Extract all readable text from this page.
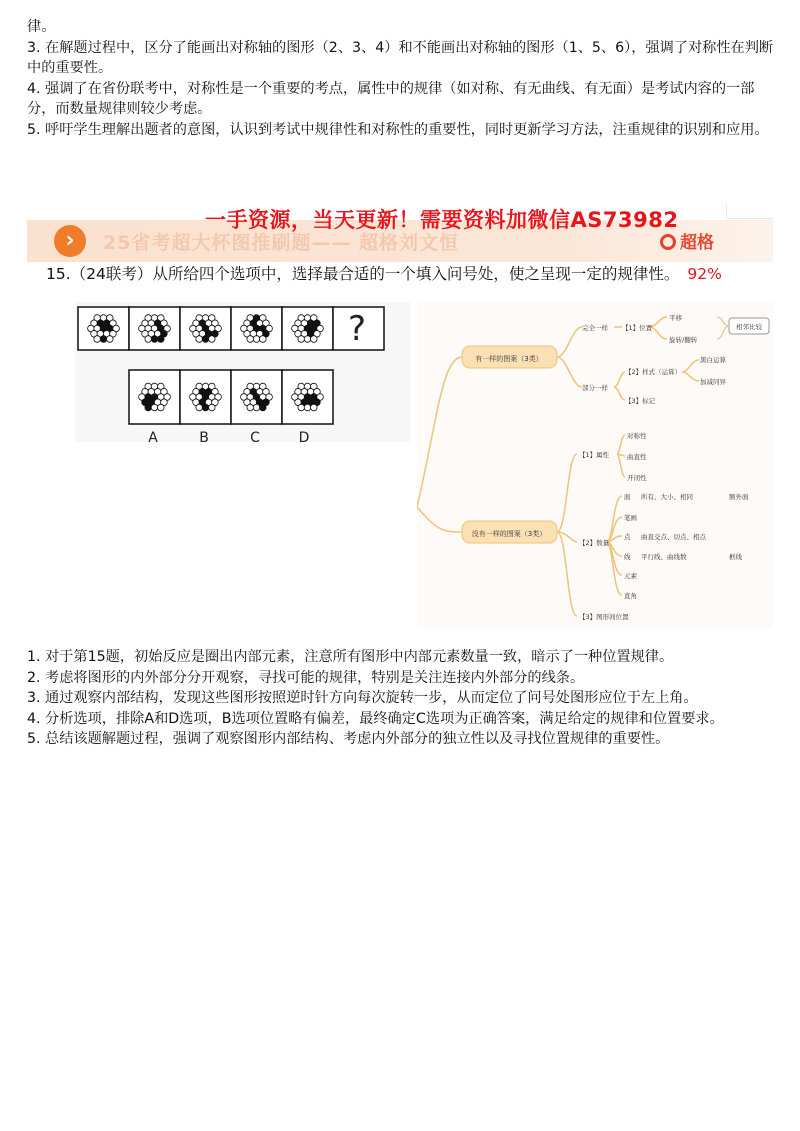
律。

3. 在解题过程中，区分了能画出对称轴的图形（2、3、4）和不能画出对称轴的图形（1、5、6），强调了对称性在判断中的重要性。

4. 强调了在省份联考中，对称性是一个重要的考点，属性中的规律（如对称、有无曲线、有无面）是考试内容的一部分，而数量规律则较少考虑。

5. 呼吁学生理解出题者的意图，认识到考试中规律性和对称性的重要性，同时更新学习方法，注重规律的识别和应用。

›	25省考超大杯图推刷题—— 超格刘文恒
一手资源，当天更新！需要资料加微信AS73982
超格
15.（24联考）从所给四个选项中，选择最合适的一个填入问号处，使之呈现一定的规律性。 92%
?
A	B	C	D
有一样的图案（3类）
没有一样的图案（3类）
完全一样 【1】位置
平移
旋转/翻转
部分一样
【2】样式（运算）
黑白运算
加减同异
【3】标记
【1】属性
对称性
曲直性
开闭性
【2】数量
面 所有、大小、相同	额外面
笔画
点 曲直交点、切点、相点
线 平行线、曲线数	框线
元素
直角
【3】图形间位置
相邻比较

1. 对于第15题，初始反应是圈出内部元素，注意所有图形中内部元素数量一致，暗示了一种位置规律。

2. 考虑将图形的内外部分分开观察，寻找可能的规律，特别是关注连接内外部分的线条。

3. 通过观察内部结构，发现这些图形按照逆时针方向每次旋转一步，从而定位了问号处图形应位于左上角。

4. 分析选项，排除A和D选项，B选项位置略有偏差，最终确定C选项为正确答案，满足给定的规律和位置要求。

5. 总结该题解题过程，强调了观察图形内部结构、考虑内外部分的独立性以及寻找位置规律的重要性。
